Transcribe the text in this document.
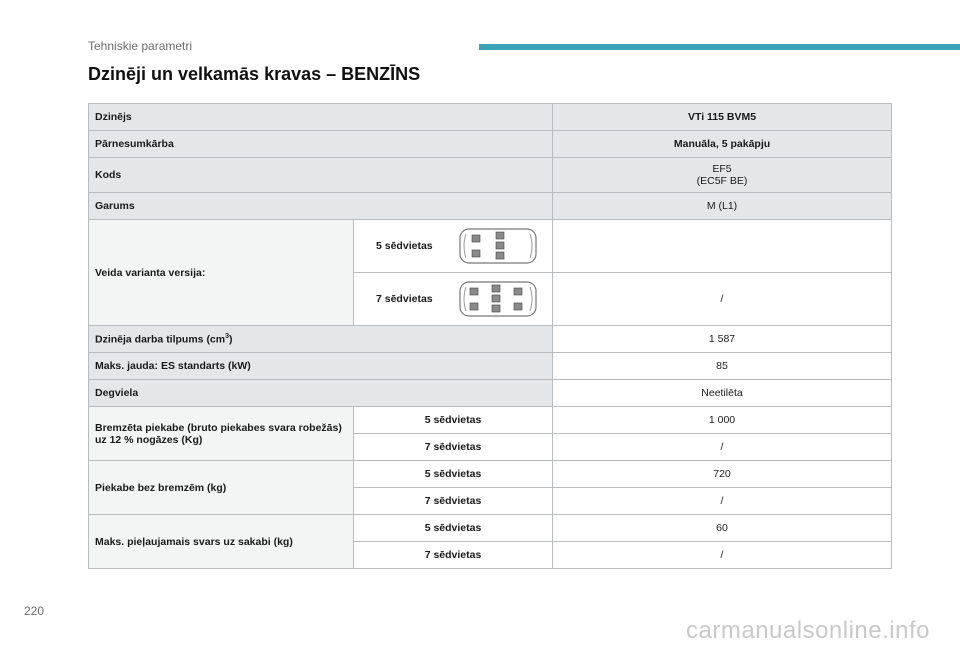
Tehniskie parametri
Dzinēji un velkamās kravas – BENZĪNS
Dzinējs		VTi 115 BVM5
Pārnesumkārba		Manuāla, 5 pakāpju
Kods		EF5
(EC5F BE)

Garums		M (L1)
Veida varianta versija:	5 sēdvietas	

	7 sēdvietas	/
Dzinēja darba tilpums $(cm^3)$		1 587
Maks. jauda: ES standarts (kW)		85
Degviela		Neetilēta
Bremzēta piekabe (bruto piekabes svara robežās) uz 12 % nogāzes (Kg)	5 sēdvietas	1 000
	7 sēdvietas	/
Piekabe bez bremzēm (kg)	5 sēdvietas	720
	7 sēdvietas	/
Maks. pieļaujamais svars uz sakabi (kg)	5 sēdvietas	60
	7 sēdvietas	/
220
carmanualsonline.info
